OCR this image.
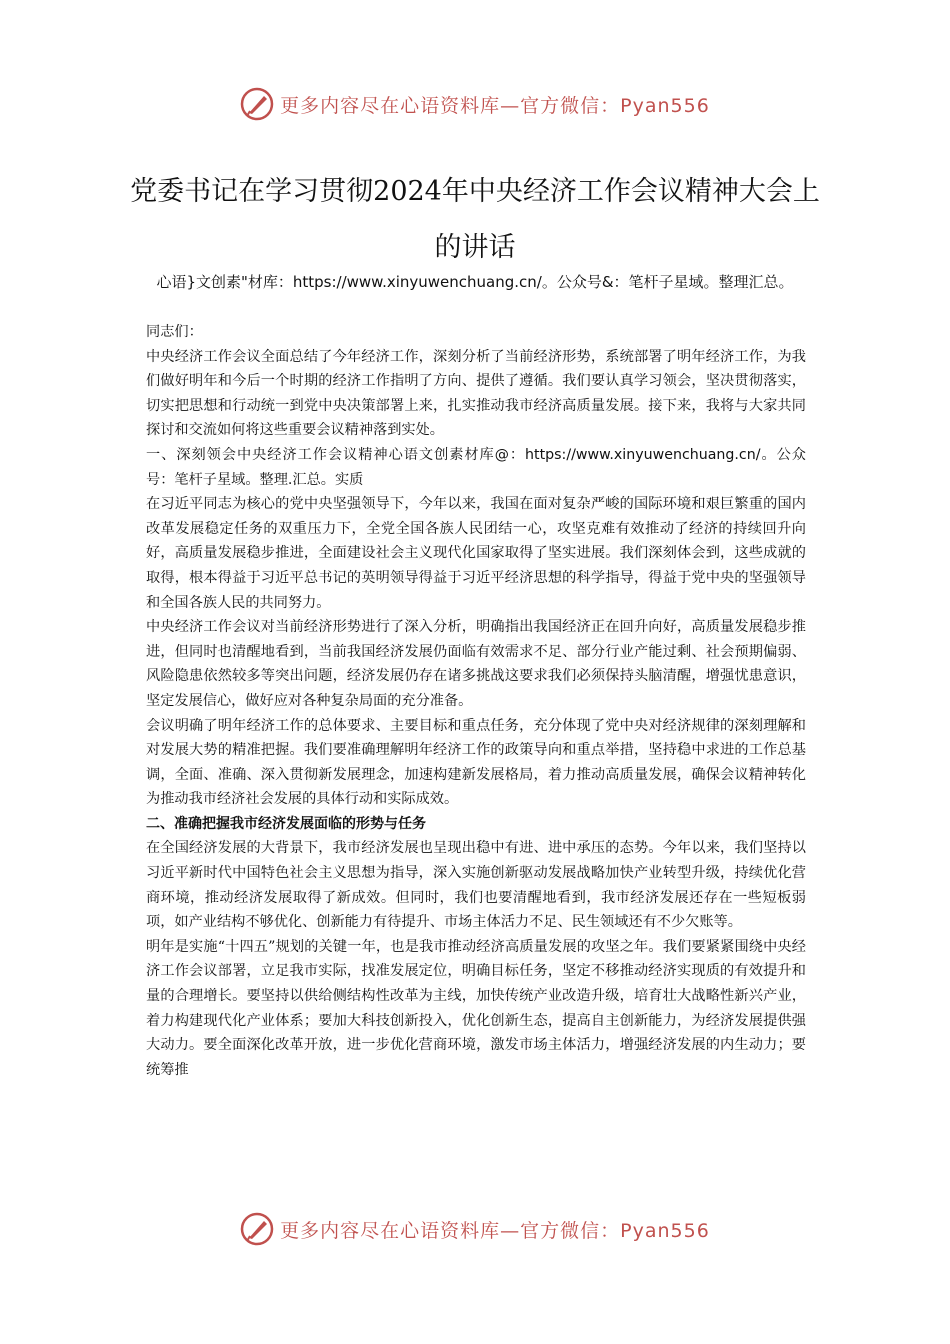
更多内容尽在心语资料库—官方微信：Pyan556
党委书记在学习贯彻2024年中央经济工作会议精神大会上的讲话
心语}文创素"材库：https://www.xinyuwenchuang.cn/。公众号&：笔杆子星域。整理汇总。

同志们：

中央经济工作会议全面总结了今年经济工作，深刻分析了当前经济形势，系统部署了明年经济工作，为我们做好明年和今后一个时期的经济工作指明了方向、提供了遵循。我们要认真学习领会，坚决贯彻落实，切实把思想和行动统一到党中央决策部署上来，扎实推动我市经济高质量发展。接下来，我将与大家共同探讨和交流如何将这些重要会议精神落到实处。

一、深刻领会中央经济工作会议精神心语文创素材库@：https://www.xinyuwenchuang.cn/。公众号：笔杆子星域。整理.汇总。实质

在习近平同志为核心的党中央坚强领导下，今年以来，我国在面对复杂严峻的国际环境和艰巨繁重的国内改革发展稳定任务的双重压力下，全党全国各族人民团结一心，攻坚克难有效推动了经济的持续回升向好，高质量发展稳步推进，全面建设社会主义现代化国家取得了坚实进展。我们深刻体会到，这些成就的取得，根本得益于习近平总书记的英明领导得益于习近平经济思想的科学指导，得益于党中央的坚强领导和全国各族人民的共同努力。

中央经济工作会议对当前经济形势进行了深入分析，明确指出我国经济正在回升向好，高质量发展稳步推进，但同时也清醒地看到，当前我国经济发展仍面临有效需求不足、部分行业产能过剩、社会预期偏弱、风险隐患依然较多等突出问题，经济发展仍存在诸多挑战这要求我们必须保持头脑清醒，增强忧患意识，坚定发展信心，做好应对各种复杂局面的充分准备。

会议明确了明年经济工作的总体要求、主要目标和重点任务，充分体现了党中央对经济规律的深刻理解和对发展大势的精准把握。我们要准确理解明年经济工作的政策导向和重点举措，坚持稳中求进的工作总基调，全面、准确、深入贯彻新发展理念，加速构建新发展格局，着力推动高质量发展，确保会议精神转化为推动我市经济社会发展的具体行动和实际成效。

二、准确把握我市经济发展面临的形势与任务

在全国经济发展的大背景下，我市经济发展也呈现出稳中有进、进中承压的态势。今年以来，我们坚持以习近平新时代中国特色社会主义思想为指导，深入实施创新驱动发展战略加快产业转型升级，持续优化营商环境，推动经济发展取得了新成效。但同时，我们也要清醒地看到，我市经济发展还存在一些短板弱项，如产业结构不够优化、创新能力有待提升、市场主体活力不足、民生领域还有不少欠账等。

明年是实施“十四五”规划的关键一年，也是我市推动经济高质量发展的攻坚之年。我们要紧紧围绕中央经济工作会议部署，立足我市实际，找准发展定位，明确目标任务，坚定不移推动经济实现质的有效提升和量的合理增长。要坚持以供给侧结构性改革为主线，加快传统产业改造升级，培育壮大战略性新兴产业，着力构建现代化产业体系；要加大科技创新投入，优化创新生态，提高自主创新能力，为经济发展提供强大动力。要全面深化改革开放，进一步优化营商环境，激发市场主体活力，增强经济发展的内生动力；要统筹推

更多内容尽在心语资料库—官方微信：Pyan556
